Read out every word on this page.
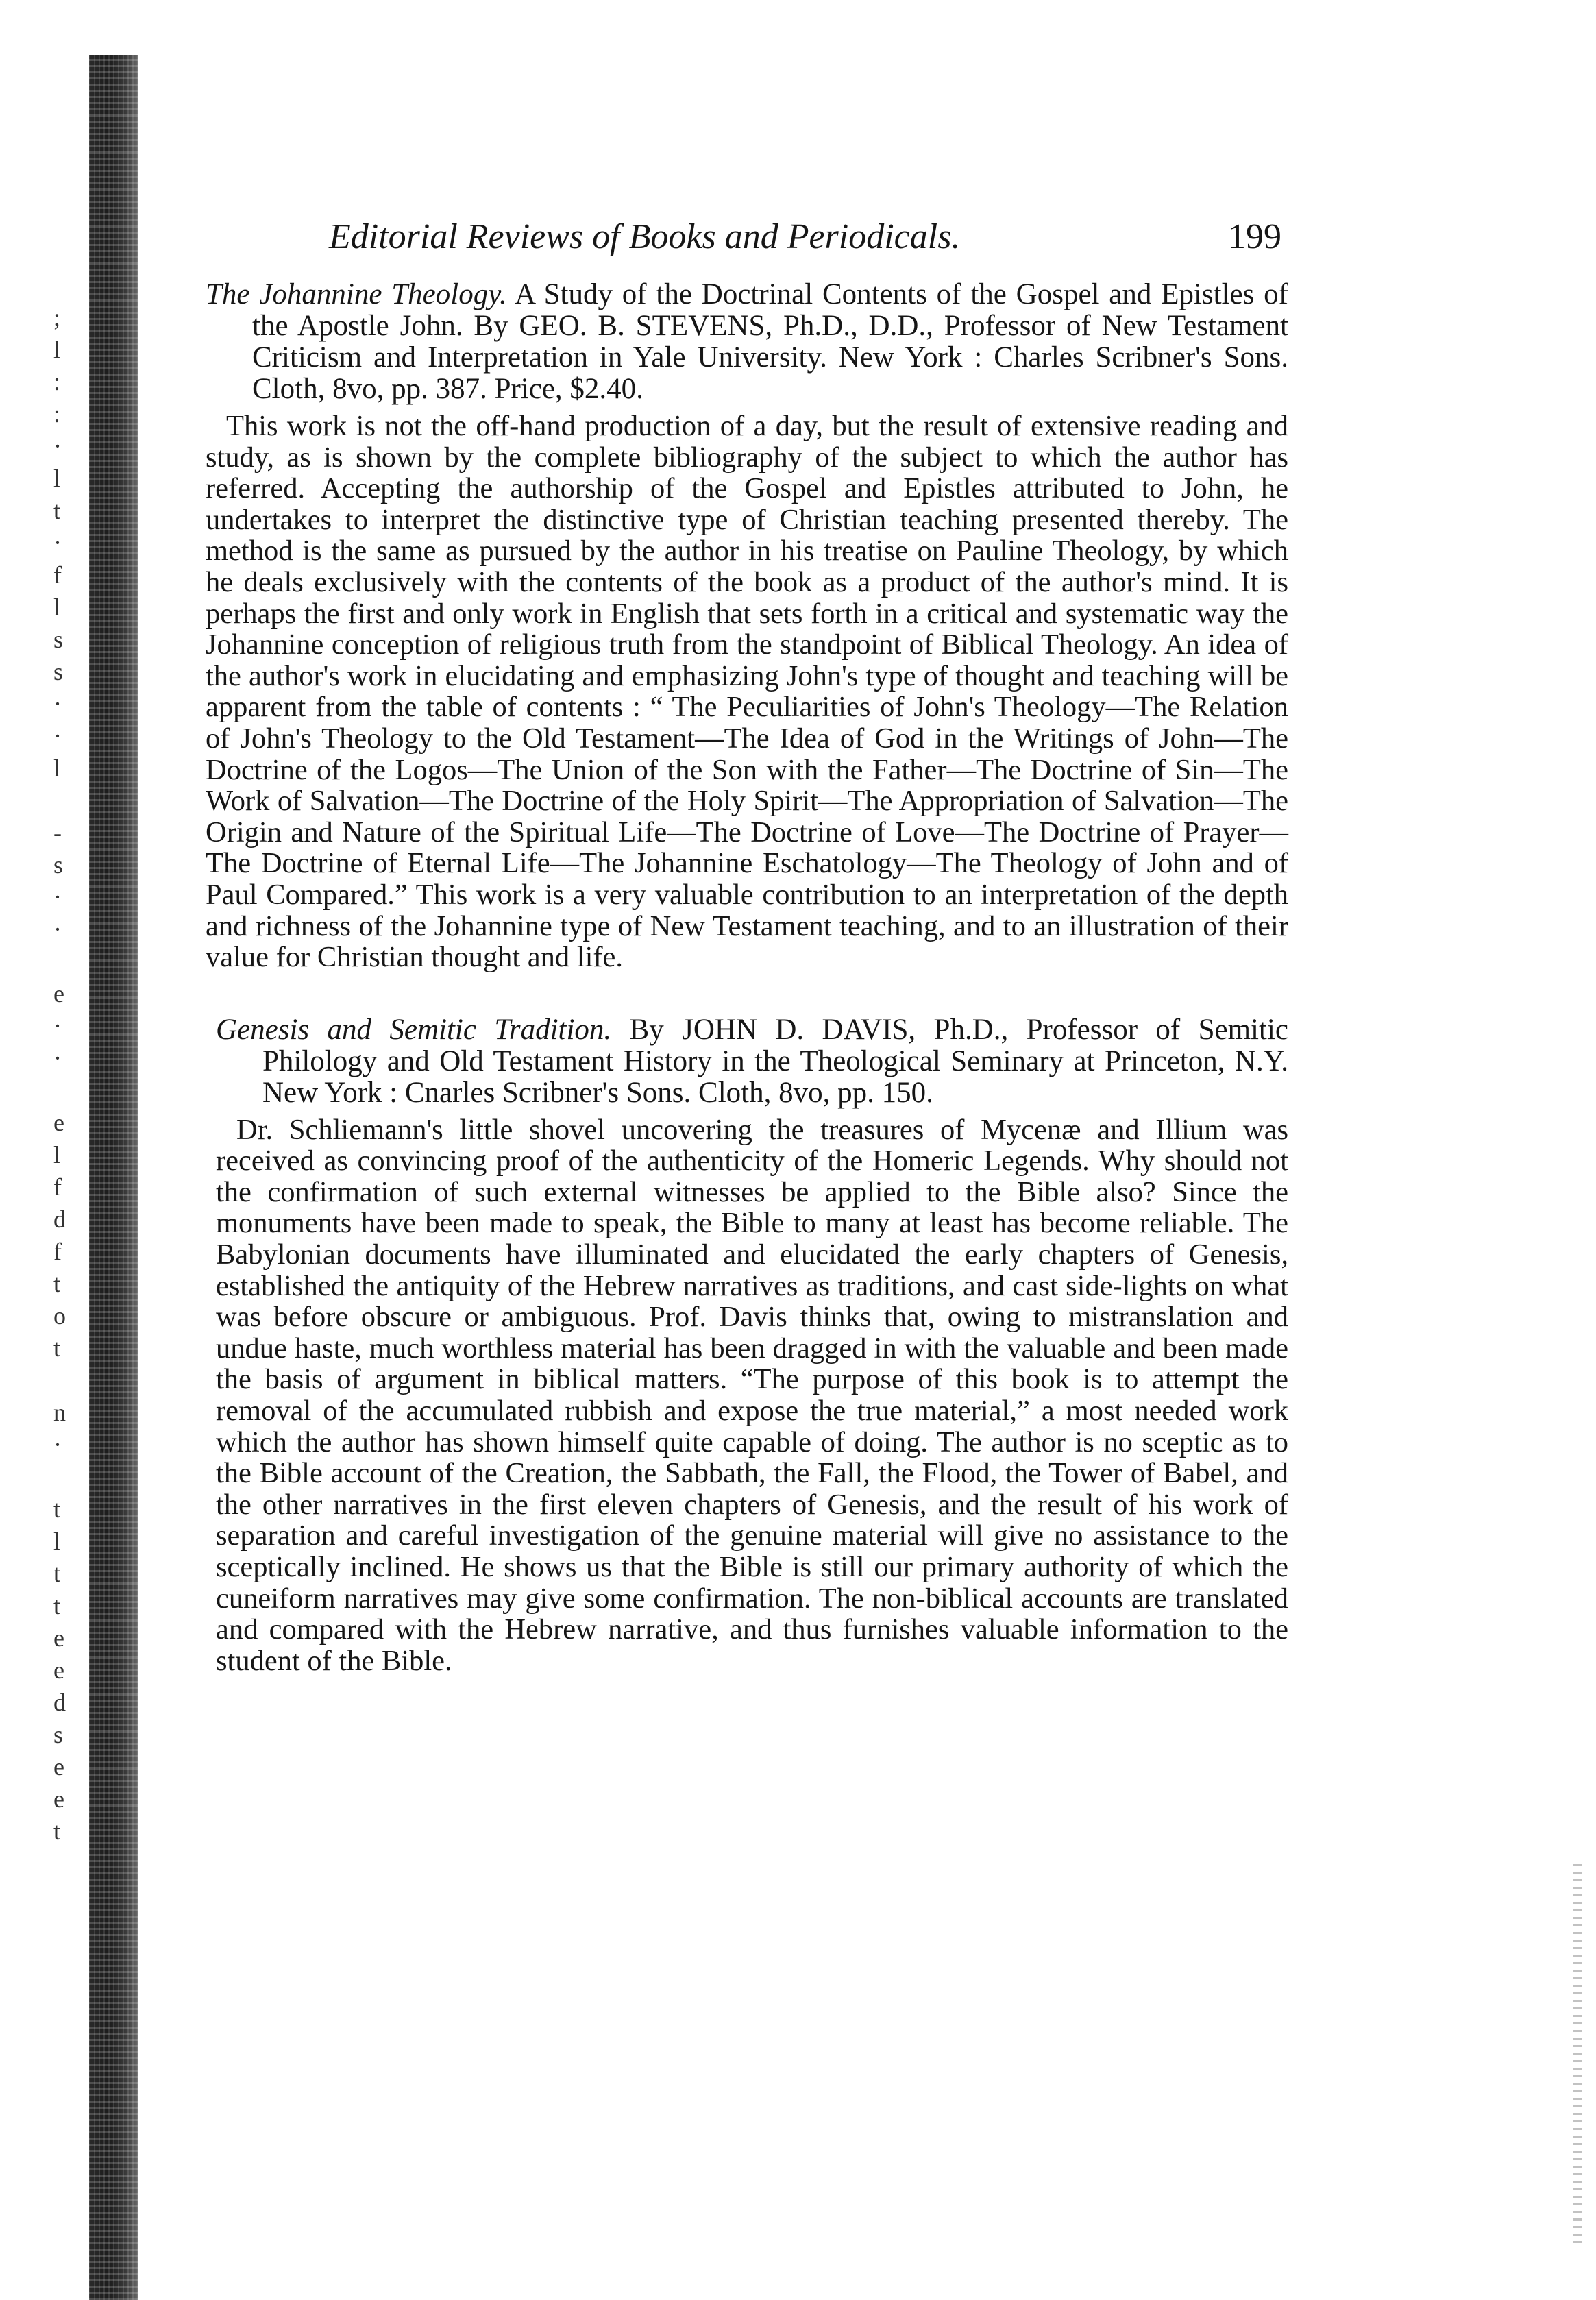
;
l
:
:
·
l
t
·
f
l
s
s
·
·
l
-
s
·
·
e
·
·
e
l
f
d
f
t
o
t
n
·
t
l
t
t
e
e
d
s
e
e
t
Editorial Reviews of Books and Periodicals.	199
The Johannine Theology. A Study of the Doctrinal Contents of the Gospel and Epistles of the Apostle John. By GEO. B. STEVENS, Ph.D., D.D., Professor of New Testament Criticism and Interpretation in Yale University. New York : Charles Scribner's Sons. Cloth, 8vo, pp. 387. Price, $2.40.
This work is not the off-hand production of a day, but the result of extensive reading and study, as is shown by the complete bibliography of the subject to which the author has referred. Accepting the authorship of the Gospel and Epistles attributed to John, he undertakes to interpret the distinctive type of Christian teaching presented thereby. The method is the same as pursued by the author in his treatise on Pauline Theology, by which he deals exclusively with the contents of the book as a product of the author's mind. It is perhaps the first and only work in English that sets forth in a critical and systematic way the Johannine conception of religious truth from the standpoint of Biblical Theology. An idea of the author's work in elucidating and emphasizing John's type of thought and teaching will be apparent from the table of contents : “ The Peculiarities of John's Theology—The Relation of John's Theology to the Old Testament—The Idea of God in the Writings of John—The Doctrine of the Logos—The Union of the Son with the Father—The Doctrine of Sin—The Work of Salvation—The Doctrine of the Holy Spirit—The Appropriation of Salvation—The Origin and Nature of the Spiritual Life—The Doctrine of Love—The Doctrine of Prayer—The Doctrine of Eternal Life—The Johannine Eschatology—The Theology of John and of Paul Compared.” This work is a very valuable contribution to an interpretation of the depth and richness of the Johannine type of New Testament teaching, and to an illustration of their value for Christian thought and life.
Genesis and Semitic Tradition. By JOHN D. DAVIS, Ph.D., Professor of Semitic Philology and Old Testament History in the Theological Seminary at Princeton, N.Y. New York : Cnarles Scribner's Sons. Cloth, 8vo, pp. 150.
Dr. Schliemann's little shovel uncovering the treasures of Mycenæ and Illium was received as convincing proof of the authenticity of the Homeric Legends. Why should not the confirmation of such external witnesses be applied to the Bible also? Since the monuments have been made to speak, the Bible to many at least has become reliable. The Babylonian documents have illuminated and elucidated the early chapters of Genesis, established the antiquity of the Hebrew narratives as traditions, and cast side-lights on what was before obscure or ambiguous. Prof. Davis thinks that, owing to mistranslation and undue haste, much worthless material has been dragged in with the valuable and been made the basis of argument in biblical matters. “The purpose of this book is to attempt the removal of the accumulated rubbish and expose the true material,” a most needed work which the author has shown himself quite capable of doing. The author is no sceptic as to the Bible account of the Creation, the Sabbath, the Fall, the Flood, the Tower of Babel, and the other narratives in the first eleven chapters of Genesis, and the result of his work of separation and careful investigation of the genuine material will give no assistance to the sceptically inclined. He shows us that the Bible is still our primary authority of which the cuneiform narratives may give some confirmation. The non-biblical accounts are translated and compared with the Hebrew narrative, and thus furnishes valuable information to the student of the Bible.
